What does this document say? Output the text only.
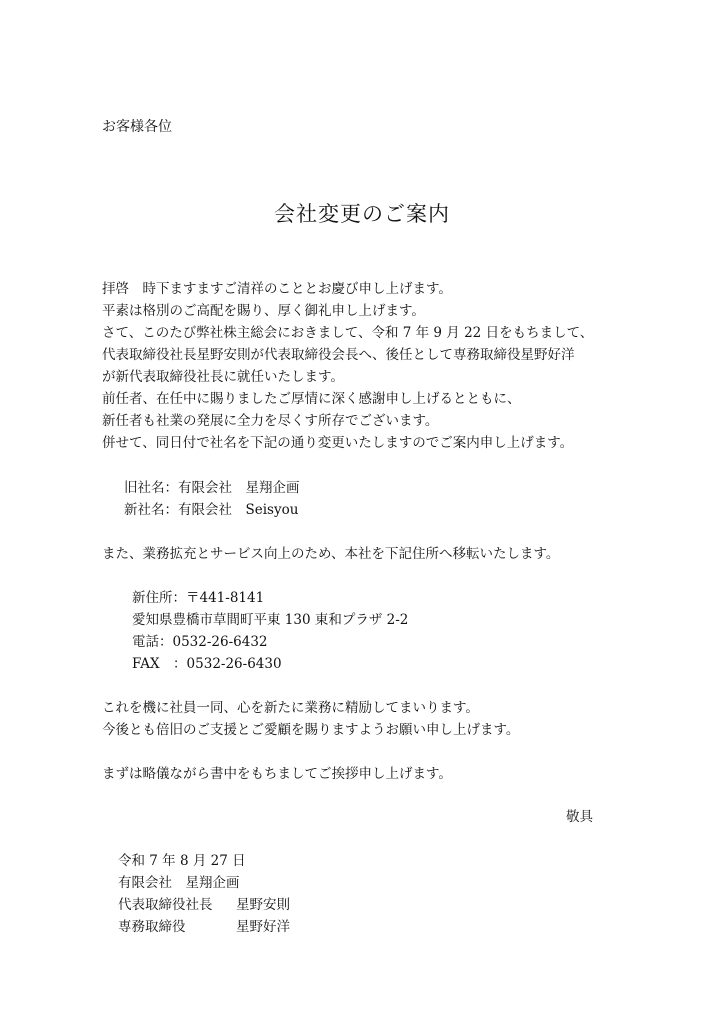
お客様各位
会社変更のご案内
拝啓　時下ますますご清祥のこととお慶び申し上げます。
平素は格別のご高配を賜り、厚く御礼申し上げます。
さて、このたび弊社株主総会におきまして、令和 7 年 9 月 22 日をもちまして、
代表取締役社長星野安則が代表取締役会長へ、後任として専務取締役星野好洋
が新代表取締役社長に就任いたします。
前任者、在任中に賜りましたご厚情に深く感謝申し上げるとともに、
新任者も社業の発展に全力を尽くす所存でございます。
併せて、同日付で社名を下記の通り変更いたしますのでご案内申し上げます。
旧社名：有限会社　星翔企画
新社名：有限会社　Seisyou
また、業務拡充とサービス向上のため、本社を下記住所へ移転いたします。
新住所：〒441-8141
愛知県豊橋市草間町平東 130 東和プラザ 2-2
電話：0532-26-6432
FAX　：0532-26-6430
これを機に社員一同、心を新たに業務に精励してまいります。
今後とも倍旧のご支援とご愛顧を賜りますようお願い申し上げます。
まずは略儀ながら書中をもちましてご挨拶申し上げます。
敬具
令和 7 年 8 月 27 日
有限会社　星翔企画
代表取締役社長 星野安則
専務取締役	星野好洋
